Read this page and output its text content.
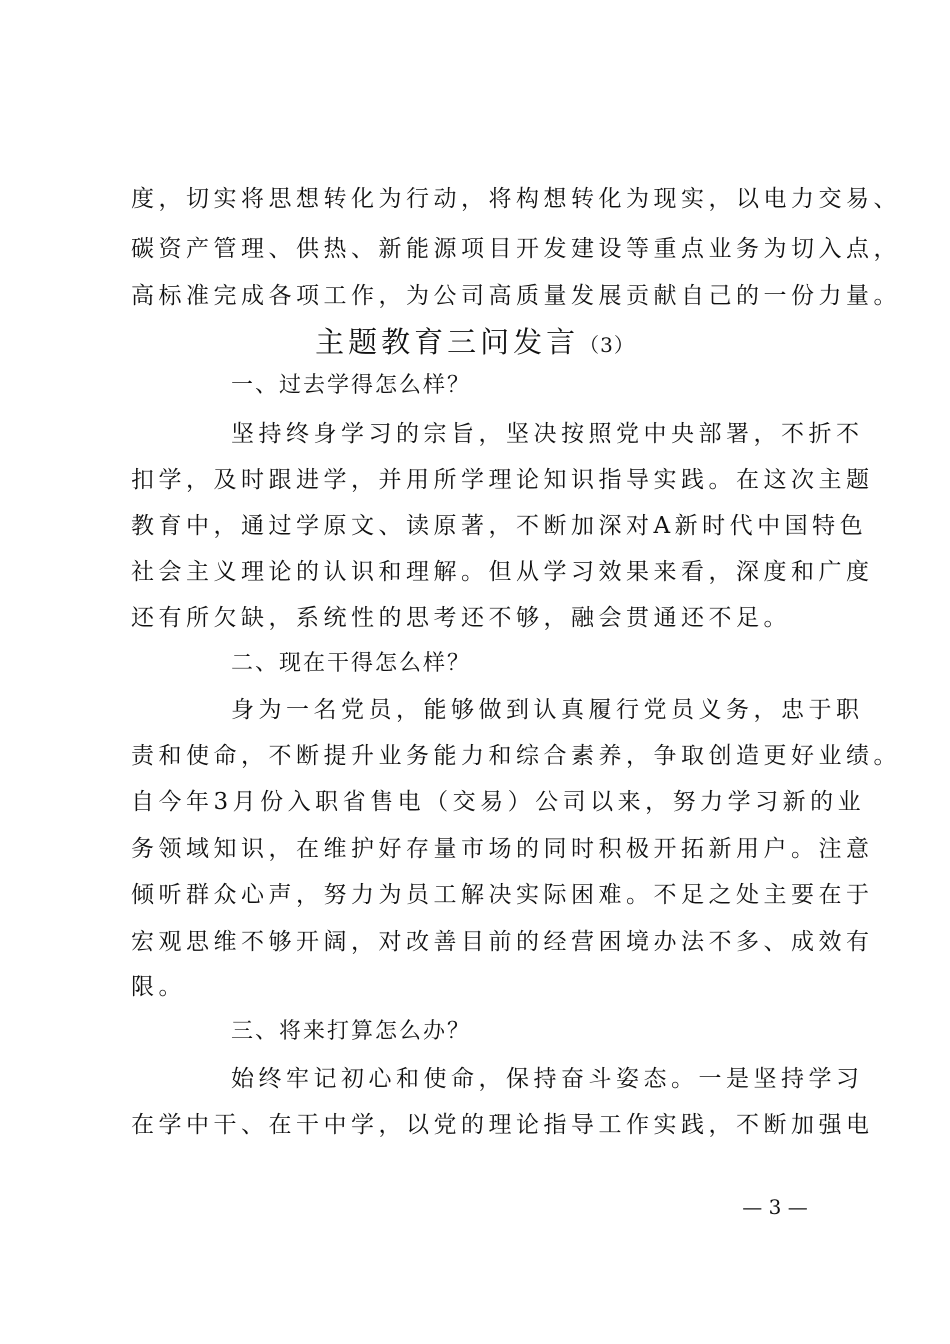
度，切实将思想转化为行动，将构想转化为现实，以电力交易、
碳资产管理、供热、新能源项目开发建设等重点业务为切入点，
高标准完成各项工作，为公司高质量发展贡献自己的一份力量。
主题教育三问发言（3）
一、过去学得怎么样？
坚持终身学习的宗旨，坚决按照党中央部署，不折不
扣学，及时跟进学，并用所学理论知识指导实践。在这次主题
教育中，通过学原文、读原著，不断加深对A新时代中国特色
社会主义理论的认识和理解。但从学习效果来看，深度和广度
还有所欠缺，系统性的思考还不够，融会贯通还不足。
二、现在干得怎么样？
身为一名党员，能够做到认真履行党员义务，忠于职
责和使命，不断提升业务能力和综合素养，争取创造更好业绩。
自今年3月份入职省售电（交易）公司以来，努力学习新的业
务领域知识，在维护好存量市场的同时积极开拓新用户。注意
倾听群众心声，努力为员工解决实际困难。不足之处主要在于
宏观思维不够开阔，对改善目前的经营困境办法不多、成效有
限。
三、将来打算怎么办？
始终牢记初心和使命，保持奋斗姿态。一是坚持学习
在学中干、在干中学，以党的理论指导工作实践，不断加强电
— 3 —
